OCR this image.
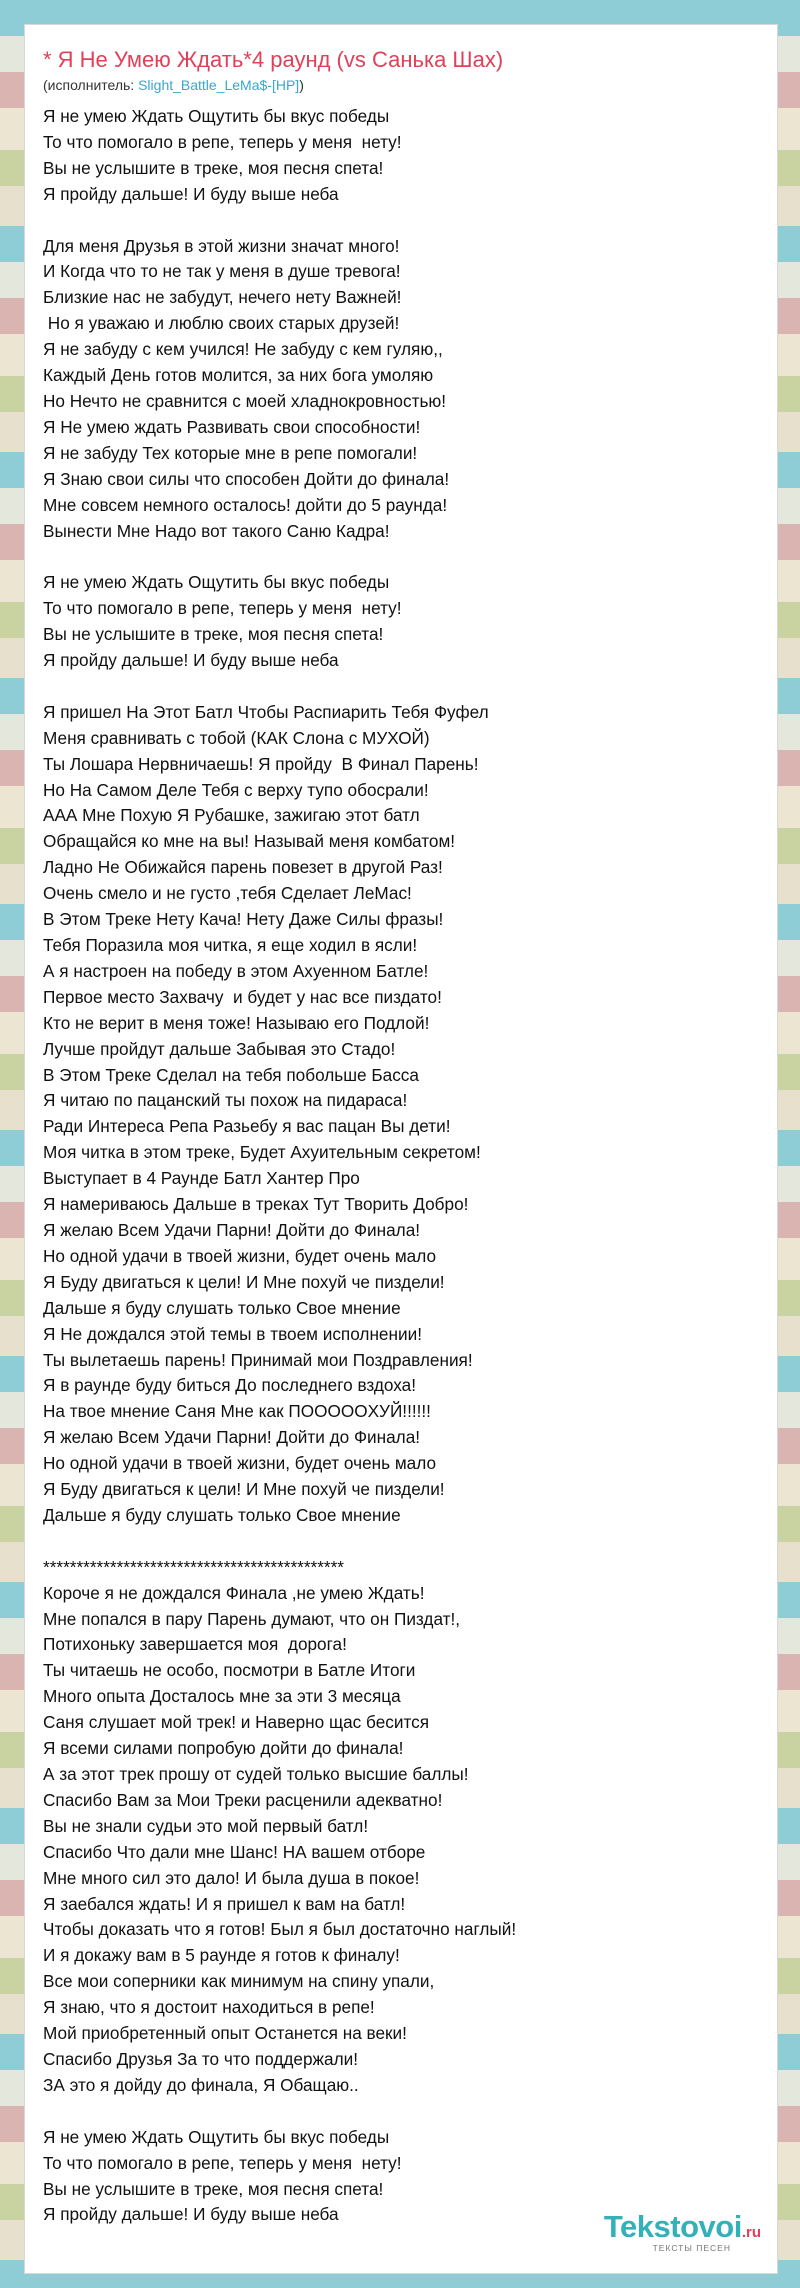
* Я Не Умею Ждать*4 раунд (vs Санька Шах)
(исполнитель: Slight_Battle_LeMa$-[HP])
Я не умею Ждать Ощутить бы вкус победы
То что помогало в репе, теперь у меня  нету!
Вы не услышите в треке, моя песня спета!
Я пройду дальше! И буду выше неба

Для меня Друзья в этой жизни значат много!
И Когда что то не так у меня в душе тревога!
Близкие нас не забудут, нечего нету Важней!
Но я уважаю и люблю своих старых друзей!
Я не забуду с кем учился! Не забуду с кем гуляю,,
Каждый День готов молится, за них бога умоляю
Но Нечто не сравнится с моей хладнокровностью!
Я Не умею ждать Развивать свои способности!
Я не забуду Тех которые мне в репе помогали!
Я Знаю свои силы что способен Дойти до финала!
Мне совсем немного осталось! дойти до 5 раунда!
Вынести Мне Надо вот такого Саню Кадра!

Я не умею Ждать Ощутить бы вкус победы
То что помогало в репе, теперь у меня  нету!
Вы не услышите в треке, моя песня спета!
Я пройду дальше! И буду выше неба

Я пришел На Этот Батл Чтобы Распиарить Тебя Фуфел
Меня сравнивать с тобой (КАК Слона с МУХОЙ)
Ты Лошара Нервничаешь! Я пройду  В Финал Парень!
Но На Самом Деле Тебя с верху тупо обосрали!
ААА Мне Похую Я Рубашке, зажигаю этот батл
Обращайся ко мне на вы! Называй меня комбатом!
Ладно Не Обижайся парень повезет в другой Раз!
Очень смело и не густо ,тебя Сделает ЛеМас!
В Этом Треке Нету Кача! Нету Даже Силы фразы!
Тебя Поразила моя читка, я еще ходил в ясли!
А я настроен на победу в этом Ахуенном Батле!
Первое место Захвачу  и будет у нас все пиздато!
Кто не верит в меня тоже! Называю его Подлой!
Лучше пройдут дальше Забывая это Стадо!
В Этом Треке Сделал на тебя побольше Басса
Я читаю по пацанский ты похож на пидараса!
Ради Интереса Репа Разьебу я вас пацан Вы дети!
Моя читка в этом треке, Будет Ахуительным секретом!
Выступает в 4 Раунде Батл Хантер Про
Я намериваюсь Дальше в треках Тут Творить Добро!
Я желаю Всем Удачи Парни! Дойти до Финала!
Но одной удачи в твоей жизни, будет очень мало
Я Буду двигаться к цели! И Мне похуй че пиздели!
Дальше я буду слушать только Свое мнение
Я Не дождался этой темы в твоем исполнении!
Ты вылетаешь парень! Принимай мои Поздравления!
Я в раунде буду биться До последнего вздоха!
На твое мнение Саня Мне как ПООООOХУЙ!!!!!!
Я желаю Всем Удачи Парни! Дойти до Финала!
Но одной удачи в твоей жизни, будет очень мало
Я Буду двигаться к цели! И Мне похуй че пиздели!
Дальше я буду слушать только Свое мнение

*********************************************
Короче я не дождался Финала ,не умею Ждать!
Мне попался в пару Парень думают, что он Пиздат!,
Потихоньку завершается моя  дорога!
Ты читаешь не особо, посмотри в Батле Итоги
Много опыта Досталось мне за эти 3 месяца
Саня слушает мой трек! и Наверно щас бесится
Я всеми силами попробую дойти до финала!
А за этот трек прошу от судей только высшие баллы!
Спасибо Вам за Мои Треки расценили адекватно!
Вы не знали судьи это мой первый батл!
Спасибо Что дали мне Шанс! НА вашем отборе
Мне много сил это дало! И была душа в покое!
Я заебался ждать! И я пришел к вам на батл!
Чтобы доказать что я готов! Был я был достаточно наглый!
И я докажу вам в 5 раунде я готов к финалу!
Все мои соперники как минимум на спину упали,
Я знаю, что я достоит находиться в репе!
Мой приобретенный опыт Останется на веки!
Спасибо Друзья За то что поддержали!
ЗА это я дойду до финала, Я Обащаю..

Я не умею Ждать Ощутить бы вкус победы
То что помогало в репе, теперь у меня  нету!
Вы не услышите в треке, моя песня спета!
Я пройду дальше! И буду выше неба	Tekstovoi.ru
ТЕКСТЫ ПЕСЕН
